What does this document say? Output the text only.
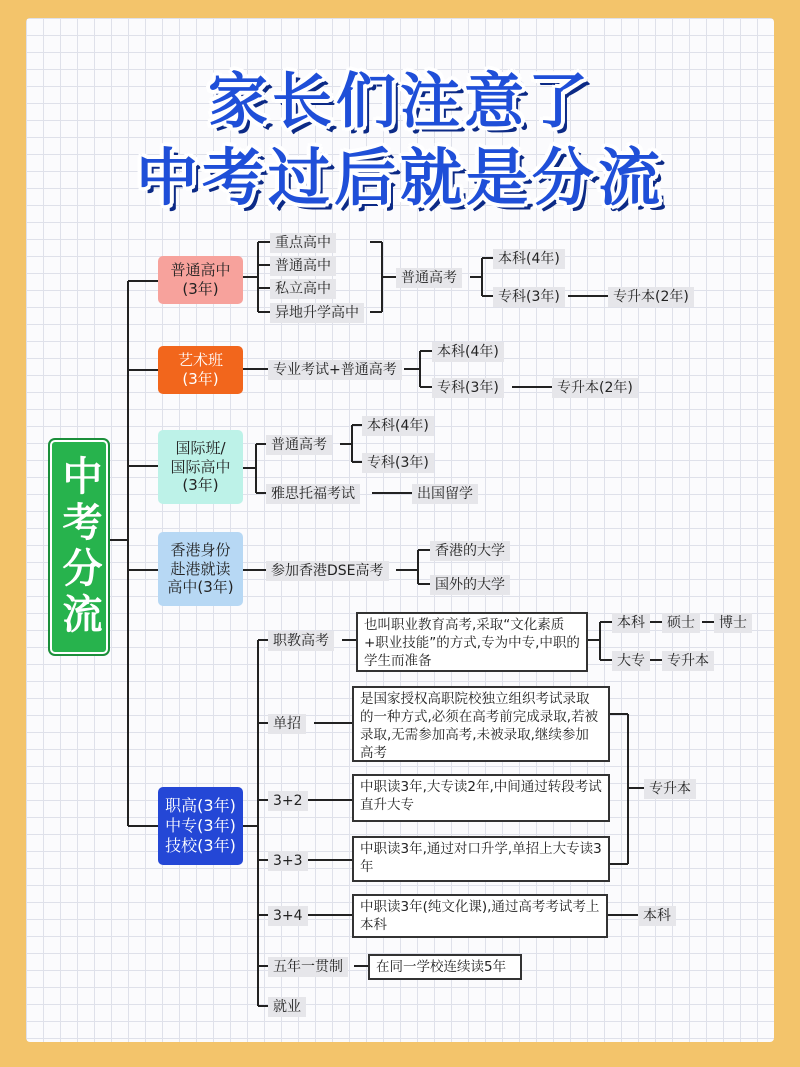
家长们注意了
中考过后就是分流
中考分流
普通高中
(3年)
艺术班
(3年)
国际班/
国际高中
(3年)
香港身份
赴港就读
高中(3年)
职高(3年)
中专(3年)
技校(3年)
重点高中
普通高中
私立高中
异地升学高中
普通高考
本科(4年)
专科(3年)	专升本(2年)
专业考试+普通高考
本科(4年)
专科(3年)	专升本(2年)
普通高考
本科(4年)
专科(3年)
雅思托福考试	出国留学
参加香港DSE高考
香港的大学
国外的大学
职教高考
也叫职业教育高考,采取“文化素质+职业技能”的方式,专为中专,中职的学生而准备
本科	硕士	博士
大专	专升本
单招
是国家授权高职院校独立组织考试录取的一种方式,必须在高考前完成录取,若被录取,无需参加高考,未被录取,继续参加高考
3+2
中职读3年,大专读2年,中间通过转段考试直升大专
3+3
中职读3年,通过对口升学,单招上大专读3年
专升本
3+4
中职读3年(纯文化课),通过高考考试考上本科
本科
五年一贯制	在同一学校连续读5年
就业
